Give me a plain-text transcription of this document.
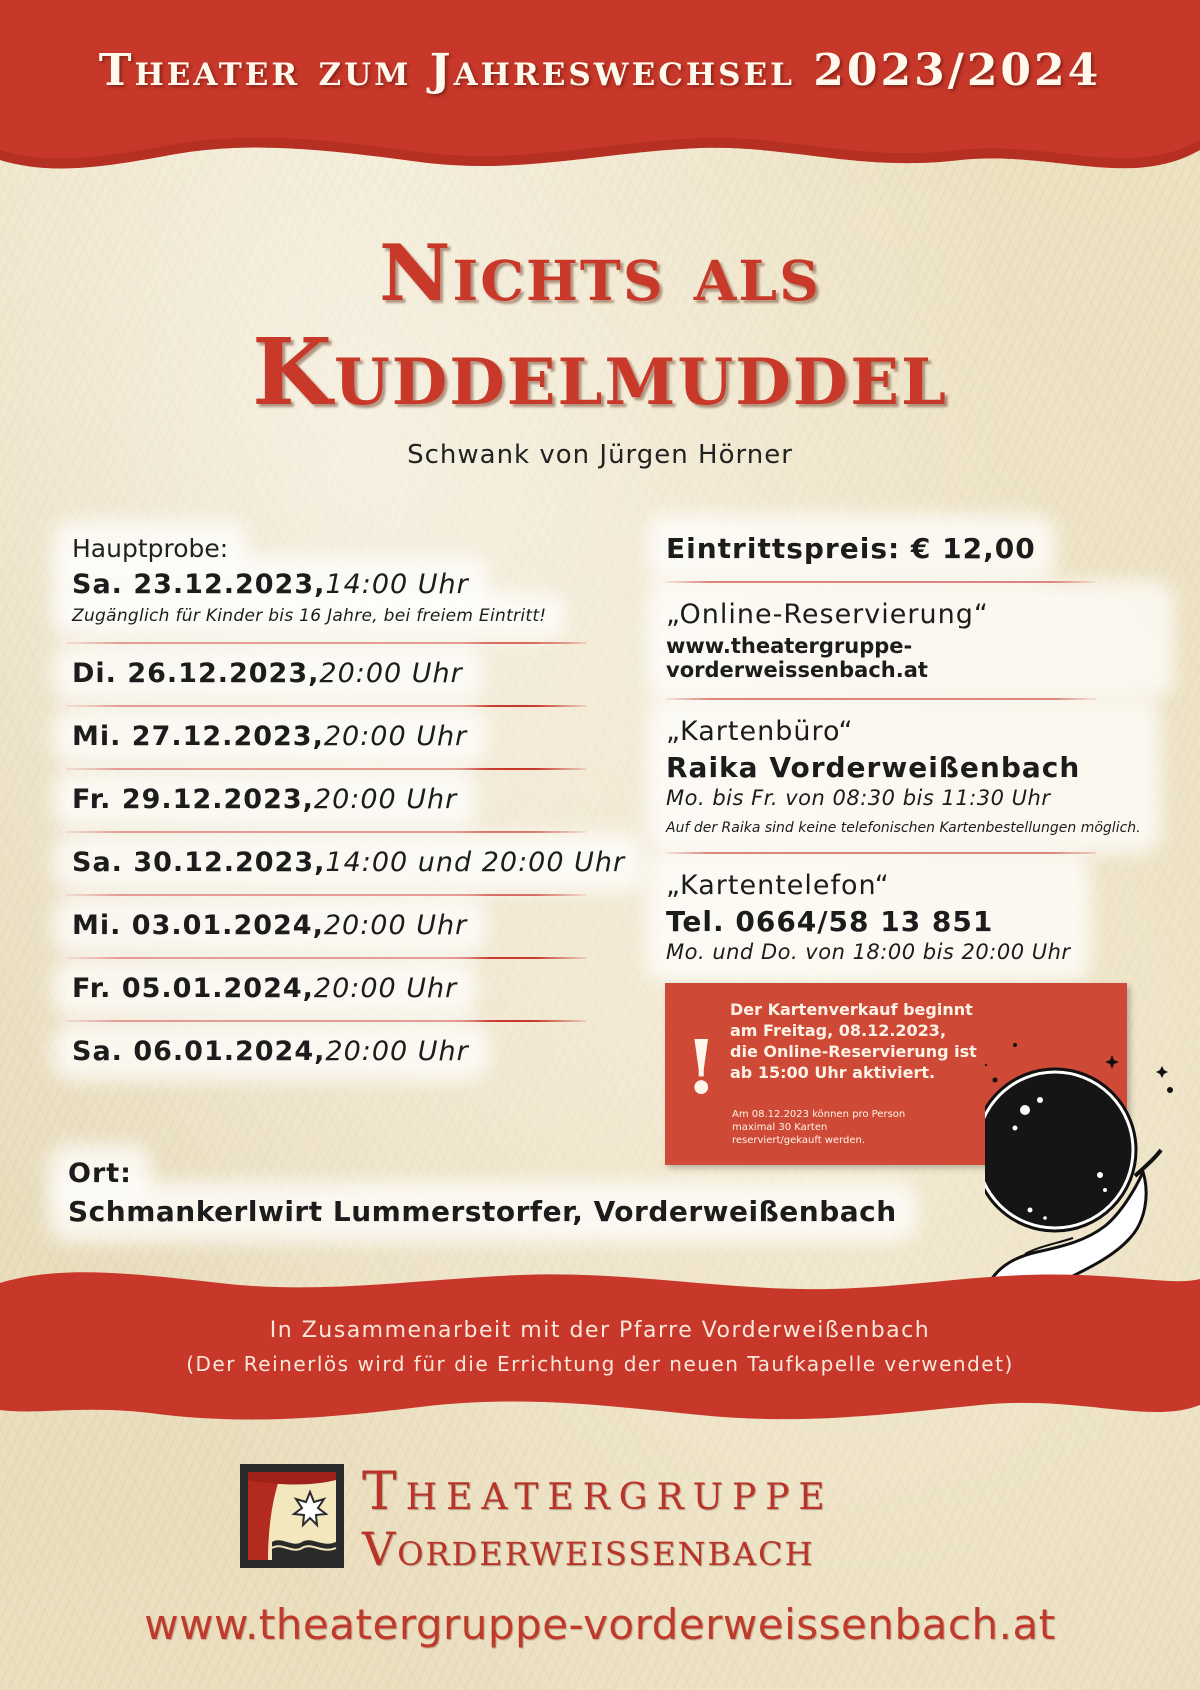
Theater zum Jahreswechsel 2023/2024
Nichts als
Kuddelmuddel
Schwank von Jürgen Hörner
Hauptprobe:
Sa. 23.12.2023,14:00 Uhr
Zugänglich für Kinder bis 16 Jahre, bei freiem Eintritt!
Di. 26.12.2023,20:00 Uhr
Mi. 27.12.2023,20:00 Uhr
Fr. 29.12.2023,20:00 Uhr
Sa. 30.12.2023,14:00 und 20:00 Uhr
Mi. 03.01.2024,20:00 Uhr
Fr. 05.01.2024,20:00 Uhr
Sa. 06.01.2024,20:00 Uhr
Eintrittspreis: € 12,00
„Online-Reservierung“
www.theatergruppe-vorderweissenbach.at
„Kartenbüro“
Raika Vorderweißenbach
Mo. bis Fr. von 08:30 bis 11:30 Uhr
Auf der Raika sind keine telefonischen Kartenbestellungen möglich.
„Kartentelefon“
Tel. 0664/58 13 851
Mo. und Do. von 18:00 bis 20:00 Uhr
!
Der Kartenverkauf beginnt
am Freitag, 08.12.2023,
die Online-Reservierung ist
ab 15:00 Uhr aktiviert.
Am 08.12.2023 können pro Person
maximal 30 Karten
reserviert/gekauft werden.
Ort:
Schmankerlwirt Lummerstorfer, Vorderweißenbach
In Zusammenarbeit mit der Pfarre Vorderweißenbach
(Der Reinerlös wird für die Errichtung der neuen Taufkapelle verwendet)
Theatergruppe
Vorderweissenbach
www.theatergruppe-vorderweissenbach.at
